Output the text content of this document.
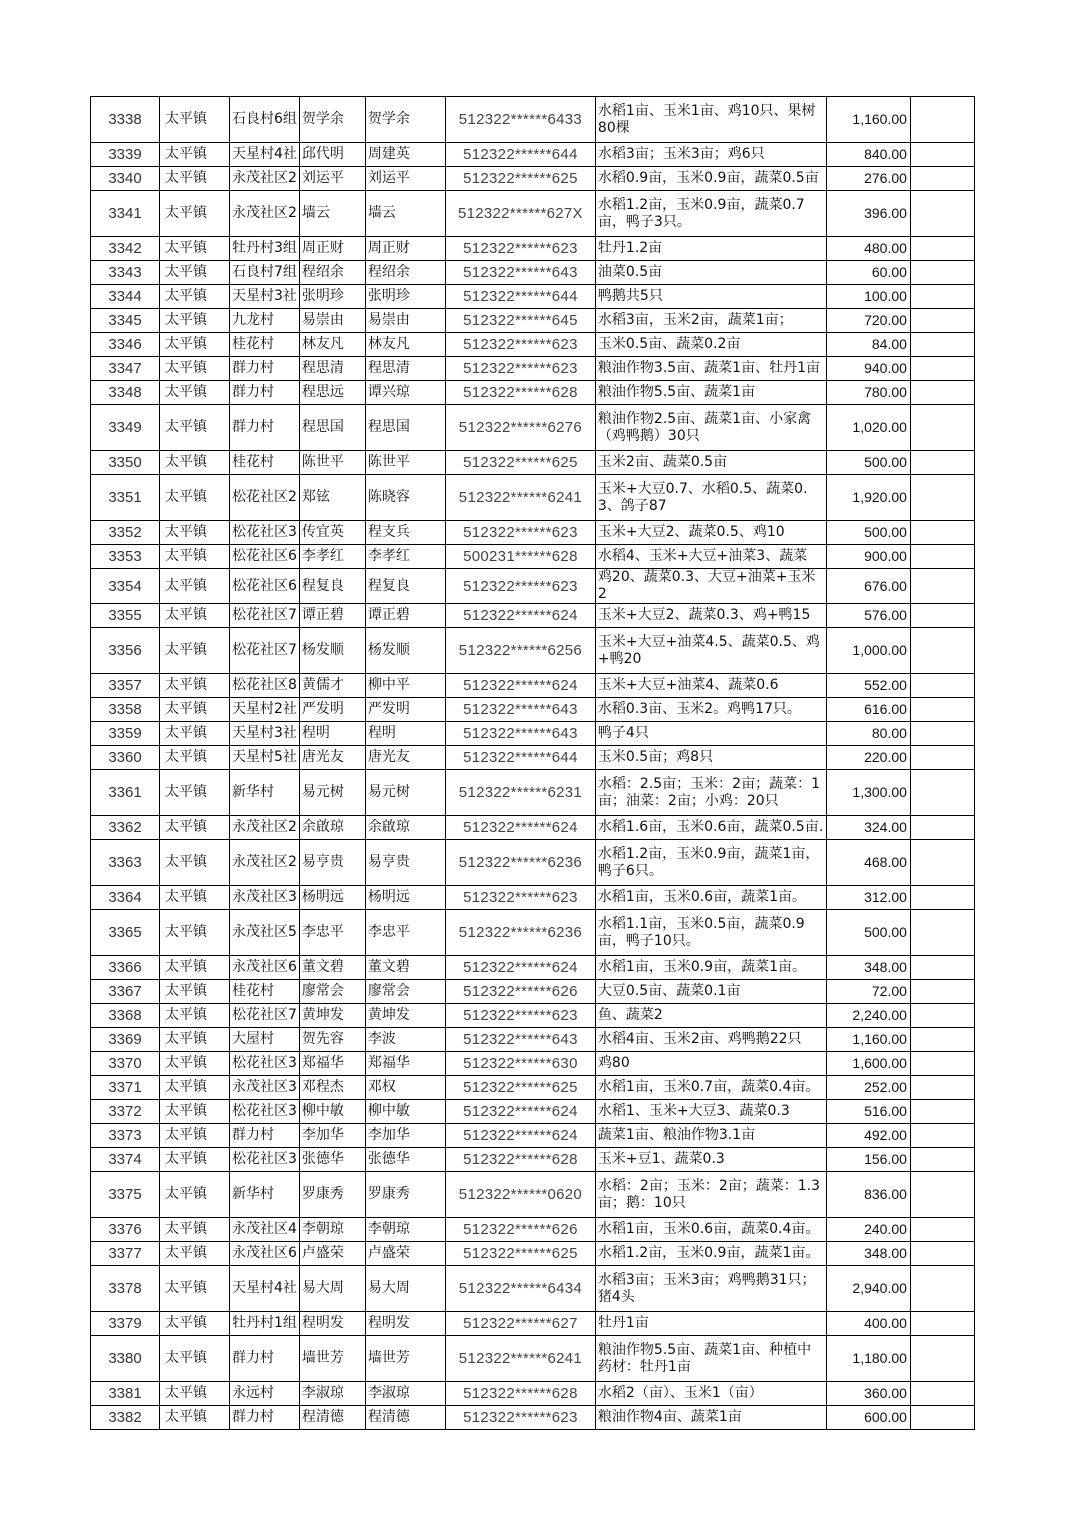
3338	太平镇	石良村6组	贺学余	贺学余	512322******6433	水稻1亩、玉米1亩、鸡10只、果树80棵	1,160.00	
3339	太平镇	天星村4社	邱代明	周建英	512322******644	水稻3亩；玉米3亩；鸡6只	840.00	
3340	太平镇	永茂社区2	刘运平	刘运平	512322******625	水稻0.9亩，玉米0.9亩，蔬菜0.5亩	276.00	
3341	太平镇	永茂社区2	墙云	墙云	512322******627X	水稻1.2亩，玉米0.9亩，蔬菜0.7亩，鸭子3只。	396.00	
3342	太平镇	牡丹村3组	周正财	周正财	512322******623	牡丹1.2亩	480.00	
3343	太平镇	石良村7组	程绍余	程绍余	512322******643	油菜0.5亩	60.00	
3344	太平镇	天星村3社	张明珍	张明珍	512322******644	鸭鹅共5只	100.00	
3345	太平镇	九龙村	易崇由	易崇由	512322******645	水稻3亩，玉米2亩，蔬菜1亩；	720.00	
3346	太平镇	桂花村	林友凡	林友凡	512322******623	玉米0.5亩、蔬菜0.2亩	84.00	
3347	太平镇	群力村	程思清	程思清	512322******623	粮油作物3.5亩、蔬菜1亩、牡丹1亩	940.00	
3348	太平镇	群力村	程思远	谭兴琼	512322******628	粮油作物5.5亩、蔬菜1亩	780.00	
3349	太平镇	群力村	程思国	程思国	512322******6276	粮油作物2.5亩、蔬菜1亩、小家禽（鸡鸭鹅）30只	1,020.00	
3350	太平镇	桂花村	陈世平	陈世平	512322******625	玉米2亩、蔬菜0.5亩	500.00	
3351	太平镇	松花社区2	郑铉	陈晓容	512322******6241	玉米+大豆0.7、水稻0.5、蔬菜0.3、鸽子87	1,920.00	
3352	太平镇	松花社区3	传宜英	程支兵	512322******623	玉米+大豆2、蔬菜0.5、鸡10	500.00	
3353	太平镇	松花社区6	李孝红	李孝红	500231******628	水稻4、玉米+大豆+油菜3、蔬菜	900.00	
3354	太平镇	松花社区6	程复良	程复良	512322******623	鸡20、蔬菜0.3、大豆+油菜+玉米2	676.00	
3355	太平镇	松花社区7	谭正碧	谭正碧	512322******624	玉米+大豆2、蔬菜0.3、鸡+鸭15	576.00	
3356	太平镇	松花社区7	杨发顺	杨发顺	512322******6256	玉米+大豆+油菜4.5、蔬菜0.5、鸡+鸭20	1,000.00	
3357	太平镇	松花社区8	黄儒才	柳中平	512322******624	玉米+大豆+油菜4、蔬菜0.6	552.00	
3358	太平镇	天星村2社	严发明	严发明	512322******643	水稻0.3亩、玉米2。鸡鸭17只。	616.00	
3359	太平镇	天星村3社	程明	程明	512322******643	鸭子4只	80.00	
3360	太平镇	天星村5社	唐光友	唐光友	512322******644	玉米0.5亩；鸡8只	220.00	
3361	太平镇	新华村	易元树	易元树	512322******6231	水稻：2.5亩；玉米：2亩；蔬菜：1亩；油菜：2亩；小鸡：20只	1,300.00	
3362	太平镇	永茂社区2	余啟琼	余啟琼	512322******624	水稻1.6亩，玉米0.6亩，蔬菜0.5亩.	324.00	
3363	太平镇	永茂社区2	易亨贵	易亨贵	512322******6236	水稻1.2亩，玉米0.9亩，蔬菜1亩，鸭子6只。	468.00	
3364	太平镇	永茂社区3	杨明远	杨明远	512322******623	水稻1亩，玉米0.6亩，蔬菜1亩。	312.00	
3365	太平镇	永茂社区5	李忠平	李忠平	512322******6236	水稻1.1亩，玉米0.5亩，蔬菜0.9亩，鸭子10只。	500.00	
3366	太平镇	永茂社区6	董文碧	董文碧	512322******624	水稻1亩，玉米0.9亩，蔬菜1亩。	348.00	
3367	太平镇	桂花村	廖常会	廖常会	512322******626	大豆0.5亩、蔬菜0.1亩	72.00	
3368	太平镇	松花社区7	黄坤发	黄坤发	512322******623	鱼、蔬菜2	2,240.00	
3369	太平镇	大屋村	贺先容	李波	512322******643	水稻4亩、玉米2亩、鸡鸭鹅22只	1,160.00	
3370	太平镇	松花社区3	郑福华	郑福华	512322******630	鸡80	1,600.00	
3371	太平镇	永茂社区3	邓程杰	邓权	512322******625	水稻1亩，玉米0.7亩，蔬菜0.4亩。	252.00	
3372	太平镇	松花社区3	柳中敏	柳中敏	512322******624	水稻1、玉米+大豆3、蔬菜0.3	516.00	
3373	太平镇	群力村	李加华	李加华	512322******624	蔬菜1亩、粮油作物3.1亩	492.00	
3374	太平镇	松花社区3	张德华	张德华	512322******628	玉米+豆1、蔬菜0.3	156.00	
3375	太平镇	新华村	罗康秀	罗康秀	512322******0620	水稻：2亩；玉米：2亩；蔬菜：1.3亩；鹅：10只	836.00	
3376	太平镇	永茂社区4	李朝琼	李朝琼	512322******626	水稻1亩，玉米0.6亩，蔬菜0.4亩。	240.00	
3377	太平镇	永茂社区6	卢盛荣	卢盛荣	512322******625	水稻1.2亩，玉米0.9亩，蔬菜1亩。	348.00	
3378	太平镇	天星村4社	易大周	易大周	512322******6434	水稻3亩；玉米3亩；鸡鸭鹅31只；猪4头	2,940.00	
3379	太平镇	牡丹村1组	程明发	程明发	512322******627	牡丹1亩	400.00	
3380	太平镇	群力村	墙世芳	墙世芳	512322******6241	粮油作物5.5亩、蔬菜1亩、种植中药材：牡丹1亩	1,180.00	
3381	太平镇	永远村	李淑琼	李淑琼	512322******628	水稻2（亩）、玉米1（亩）	360.00	
3382	太平镇	群力村	程清德	程清德	512322******623	粮油作物4亩、蔬菜1亩	600.00	
